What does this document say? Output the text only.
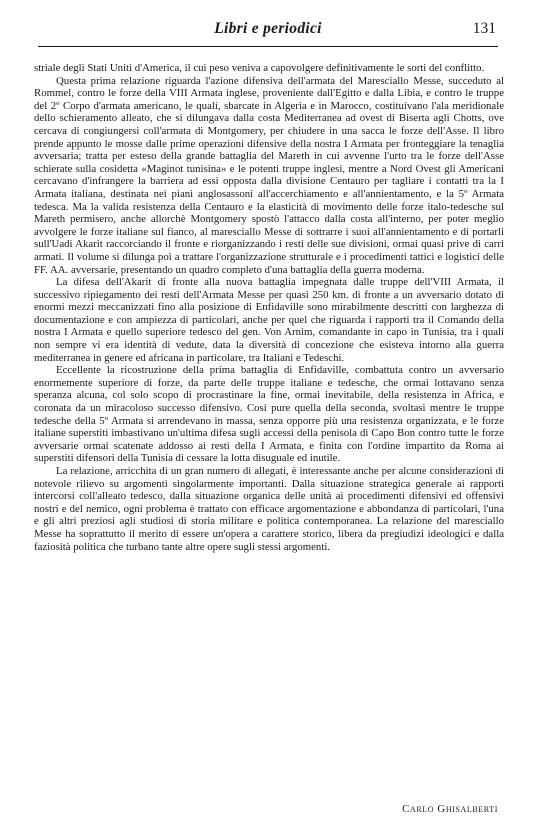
Libri e periodici	131

striale degli Stati Uniti d'America, il cui peso veniva a capovolgere definitivamente le sorti del conflitto.

Questa prima relazione riguarda l'azione difensiva dell'armata del Maresciallo Messe, succeduto al Rommel, contro le forze della VIII Armata inglese, proveniente dall'Egitto e dalla Libia, e contro le truppe del 2º Corpo d'armata americano, le quali, sbarcate in Algeria e in Marocco, costituivano l'ala meridionale dello schieramento alleato, che si dilungava dalla costa Mediterranea ad ovest di Biserta agli Chotts, ove cercava di congiungersi coll'armata di Montgomery, per chiudere in una sacca le forze dell'Asse. Il libro prende appunto le mosse dalle prime operazioni difensive della nostra I Armata per fronteggiare la tenaglia avversaria; tratta per esteso della grande battaglia del Mareth in cui avvenne l'urto tra le forze dell'Asse schierate sulla cosidetta «Maginot tunisina» e le potenti truppe inglesi, mentre a Nord Ovest gli Americani cercavano d'infrangere la barriera ad essi opposta dalla divisione Centauro per tagliare i contatti tra la I Armata italiana, destinata nei piani anglosassoni all'accerchiamento e all'annientamento, e la 5º Armata tedesca. Ma la valida resistenza della Centauro e la elasticità di movimento delle forze italo-tedesche sul Mareth permisero, anche allorchè Montgomery spostò l'attacco dalla costa all'interno, per poter meglio avvolgere le forze italiane sul fianco, al maresciallo Messe di sottrarre i suoi all'annientamento e di portarli sull'Uadi Akarit raccorciando il fronte e riorganizzando i resti delle sue divisioni, ormai quasi prive di carri armati. Il volume si dilunga poi a trattare l'organizzazione strutturale e i procedimenti tattici e logistici delle FF. AA. avversarie, presentando un quadro completo d'una battaglia della guerra moderna.

La difesa dell'Akarit di fronte alla nuova battaglia impegnata dalle truppe dell'VIII Armata, il successivo ripiegamento dei resti dell'Armata Messe per quasi 250 km. di fronte a un avversario dotato di enormi mezzi meccanizzati fino alla posizione di Enfidaville sono mirabilmente descritti con larghezza di documentazione e con ampiezza di particolari, anche per quel che riguarda i rapporti tra il Comando della nostra I Armata e quello superiore tedesco del gen. Von Arnim, comandante in capo in Tunisia, tra i quali non sempre vi era identità di vedute, data la diversità di concezione che esisteva intorno alla guerra mediterranea in genere ed africana in particolare, tra Italiani e Tedeschi.

Eccellente la ricostruzione della prima battaglia di Enfidaville, combattuta contro un avversario enormemente superiore di forze, da parte delle truppe italiane e tedesche, che ormai lottavano senza speranza alcuna, col solo scopo di procrastinare la fine, ormai inevitabile, della resistenza in Africa, e coronata da un miracoloso successo difensivo. Così pure quella della seconda, svoltasi mentre le truppe tedesche della 5º Armata si arrendevano in massa, senza opporre più una resistenza organizzata, e le forze italiane superstiti imbastivano un'ultima difesa sugli accessi della penisola di Capo Bon contro tutte le forze avversarie ormai scatenate addosso ai resti della I Armata, e finita con l'ordine impartito da Roma ai superstiti difensori della Tunisia di cessare la lotta disuguale ed inutile.

La relazione, arricchita di un gran numero di allegati, è interessante anche per alcune considerazioni di notevole rilievo su argomenti singolarmente importanti. Dalla situazione strategica generale ai rapporti intercorsi coll'alleato tedesco, dalla situazione organica delle unità ai procedimenti difensivi ed offensivi nostri e del nemico, ogni problema è trattato con efficace argomentazione e abbondanza di particolari, l'una e gli altri preziosi agli studiosi di storia militare e politica contemporanea. La relazione del maresciallo Messe ha soprattutto il merito di essere un'opera a carattere storico, libera da pregiudizi ideologici e dalla faziosità politica che turbano tante altre opere sugli stessi argomenti.

Carlo Ghisalberti
